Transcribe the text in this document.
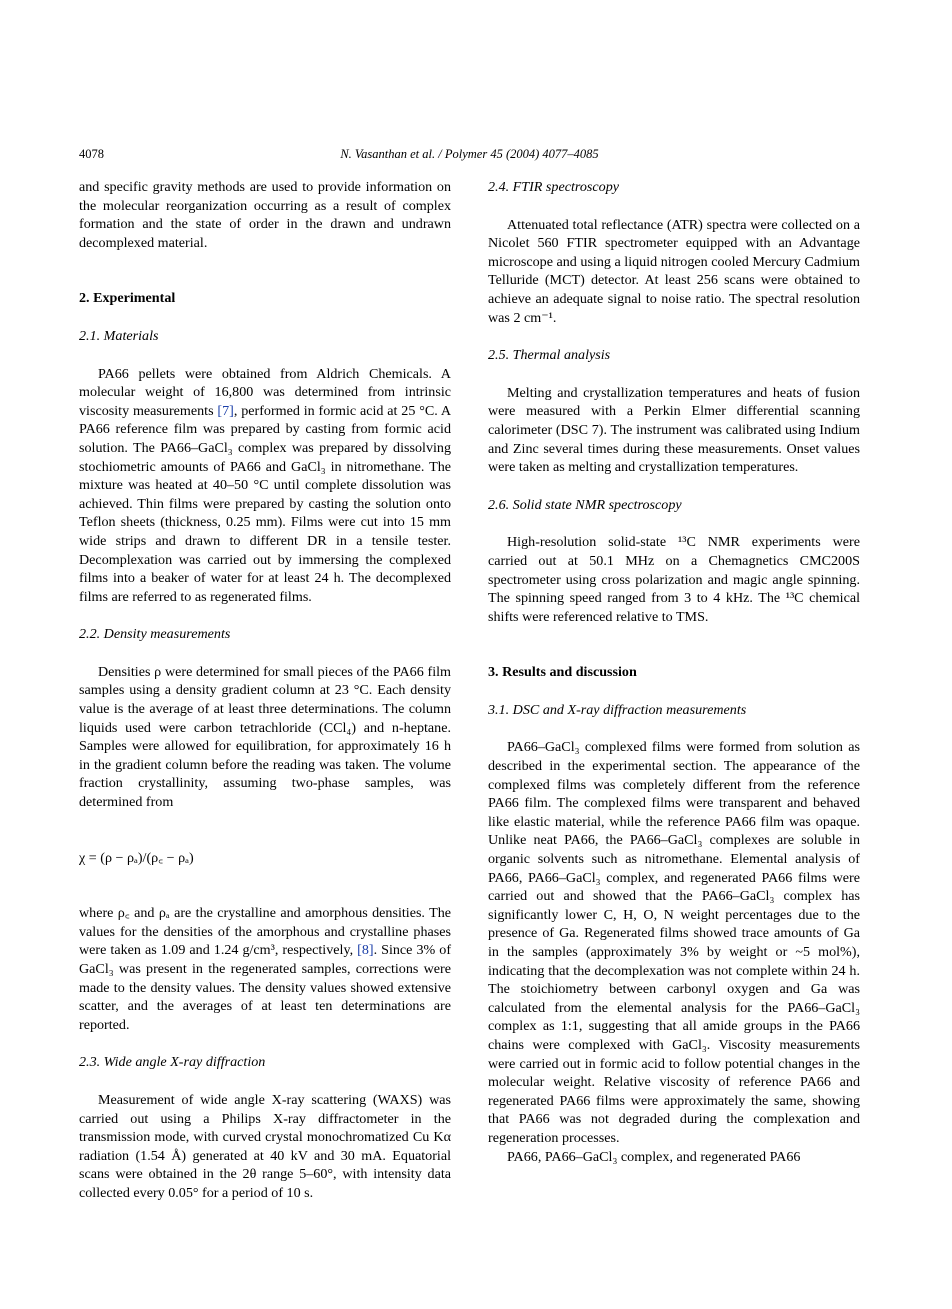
4078	N. Vasanthan et al. / Polymer 45 (2004) 4077–4085

and specific gravity methods are used to provide information on the molecular reorganization occurring as a result of complex formation and the state of order in the drawn and undrawn decomplexed material.

2. Experimental

2.1. Materials

PA66 pellets were obtained from Aldrich Chemicals. A molecular weight of 16,800 was determined from intrinsic viscosity measurements [7], performed in formic acid at 25 °C. A PA66 reference film was prepared by casting from formic acid solution. The PA66–GaCl₃ complex was prepared by dissolving stochiometric amounts of PA66 and GaCl₃ in nitromethane. The mixture was heated at 40–50 °C until complete dissolution was achieved. Thin films were prepared by casting the solution onto Teflon sheets (thickness, 0.25 mm). Films were cut into 15 mm wide strips and drawn to different DR in a tensile tester. Decomplexation was carried out by immersing the complexed films into a beaker of water for at least 24 h. The decomplexed films are referred to as regenerated films.

2.2. Density measurements

Densities ρ were determined for small pieces of the PA66 film samples using a density gradient column at 23 °C. Each density value is the average of at least three determinations. The column liquids used were carbon tetrachloride (CCl₄) and n-heptane. Samples were allowed for equilibration, for approximately 16 h in the gradient column before the reading was taken. The volume fraction crystallinity, assuming two-phase samples, was determined from

χ = (ρ − ρₐ)/(ρ꜀ − ρₐ)

where ρ꜀ and ρₐ are the crystalline and amorphous densities. The values for the densities of the amorphous and crystalline phases were taken as 1.09 and 1.24 g/cm³, respectively, [8]. Since 3% of GaCl₃ was present in the regenerated samples, corrections were made to the density values. The density values showed extensive scatter, and the averages of at least ten determinations are reported.

2.3. Wide angle X-ray diffraction

Measurement of wide angle X-ray scattering (WAXS) was carried out using a Philips X-ray diffractometer in the transmission mode, with curved crystal monochromatized Cu Kα radiation (1.54 Å) generated at 40 kV and 30 mA. Equatorial scans were obtained in the 2θ range 5–60°, with intensity data collected every 0.05° for a period of 10 s.

2.4. FTIR spectroscopy

Attenuated total reflectance (ATR) spectra were collected on a Nicolet 560 FTIR spectrometer equipped with an Advantage microscope and using a liquid nitrogen cooled Mercury Cadmium Telluride (MCT) detector. At least 256 scans were obtained to achieve an adequate signal to noise ratio. The spectral resolution was 2 cm⁻¹.

2.5. Thermal analysis

Melting and crystallization temperatures and heats of fusion were measured with a Perkin Elmer differential scanning calorimeter (DSC 7). The instrument was calibrated using Indium and Zinc several times during these measurements. Onset values were taken as melting and crystallization temperatures.

2.6. Solid state NMR spectroscopy

High-resolution solid-state ¹³C NMR experiments were carried out at 50.1 MHz on a Chemagnetics CMC200S spectrometer using cross polarization and magic angle spinning. The spinning speed ranged from 3 to 4 kHz. The ¹³C chemical shifts were referenced relative to TMS.

3. Results and discussion

3.1. DSC and X-ray diffraction measurements

PA66–GaCl₃ complexed films were formed from solution as described in the experimental section. The appearance of the complexed films was completely different from the reference PA66 film. The complexed films were transparent and behaved like elastic material, while the reference PA66 film was opaque. Unlike neat PA66, the PA66–GaCl₃ complexes are soluble in organic solvents such as nitromethane. Elemental analysis of PA66, PA66–GaCl₃ complex, and regenerated PA66 films were carried out and showed that the PA66–GaCl₃ complex has significantly lower C, H, O, N weight percentages due to the presence of Ga. Regenerated films showed trace amounts of Ga in the samples (approximately 3% by weight or ~5 mol%), indicating that the decomplexation was not complete within 24 h. The stoichiometry between carbonyl oxygen and Ga was calculated from the elemental analysis for the PA66–GaCl₃ complex as 1:1, suggesting that all amide groups in the PA66 chains were complexed with GaCl₃. Viscosity measurements were carried out in formic acid to follow potential changes in the molecular weight. Relative viscosity of reference PA66 and regenerated PA66 films were approximately the same, showing that PA66 was not degraded during the complexation and regeneration processes.

PA66, PA66–GaCl₃ complex, and regenerated PA66
